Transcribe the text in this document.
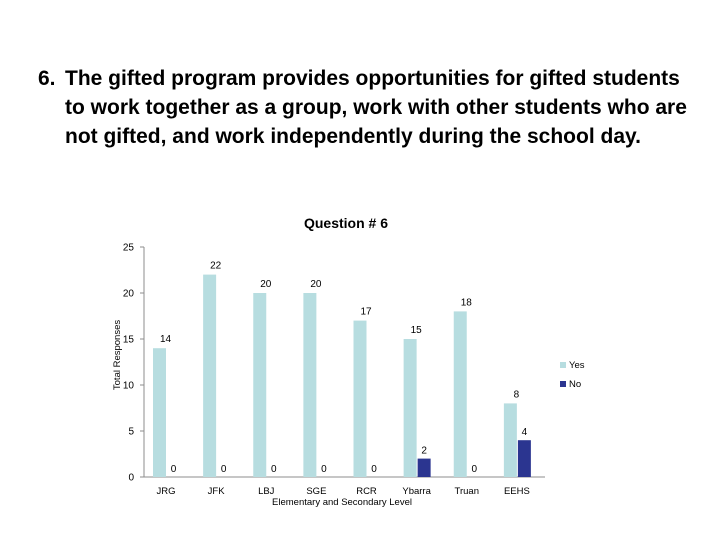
6. The gifted program provides opportunities for gifted students to work together as a group, work with other students who are not gifted, and work independently during the school day.
Question # 6
Total Responses
Elementary and Secondary Level
0
5
10
15
20
25
14
0
JRG
22
0
JFK
20
0
LBJ
20
0
SGE
17
0
RCR
15
2
Ybarra
18
0
Truan
8
4
EEHS
Yes
No
